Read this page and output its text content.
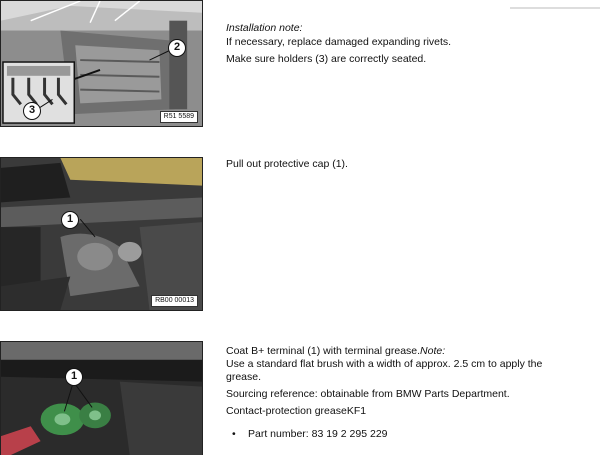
2
3
R51 5589

Installation note:

If necessary, replace damaged expanding rivets.

Make sure holders (3) are correctly seated.

1
RB00 00013

Pull out protective cap (1).

1

Coat B+ terminal (1) with terminal grease.Note:

Use a standard flat brush with a width of approx. 2.5 cm to apply the grease.

Sourcing reference: obtainable from BMW Parts Department.

Contact-protection greaseKF1

•	Part number: 83 19 2 295 229
